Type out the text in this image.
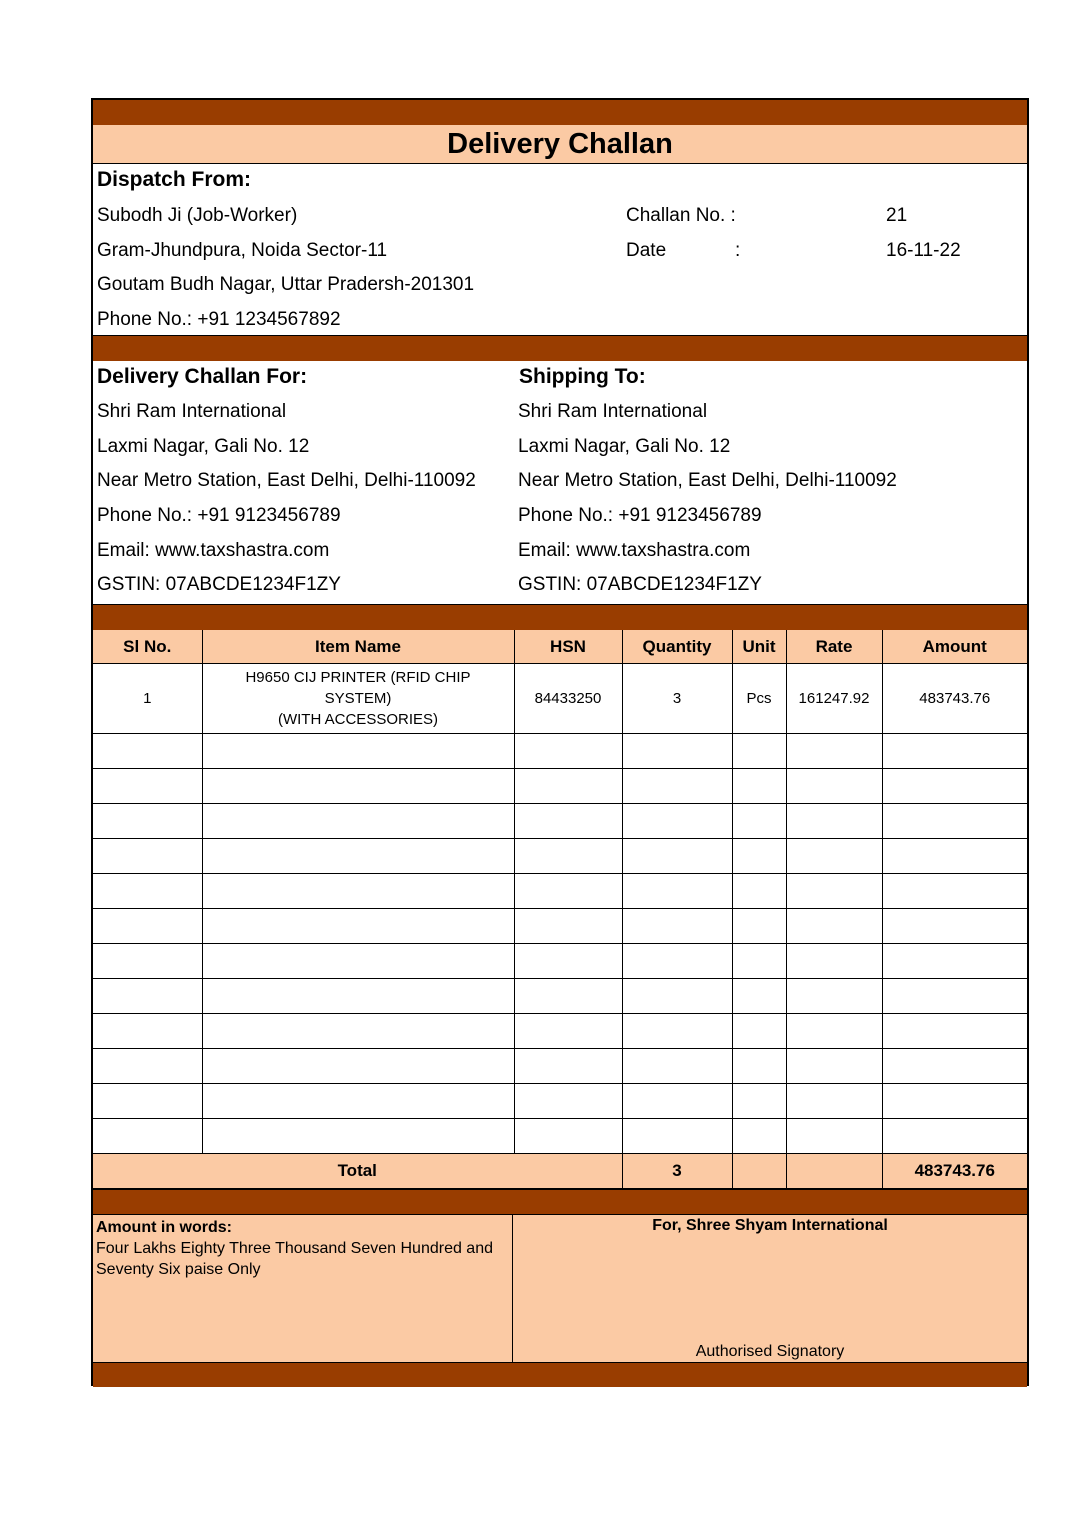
Delivery Challan
Dispatch From:
Subodh Ji (Job-Worker)
Gram-Jhundpura, Noida Sector-11
Goutam Budh Nagar, Uttar Pradersh-201301
Phone No.: +91 1234567892
Challan No. :	21
Date	:	16-11-22
Delivery Challan For:
Shri Ram International
Laxmi Nagar, Gali No. 12
Near Metro Station, East Delhi, Delhi-110092
Phone No.: +91 9123456789
Email: www.taxshastra.com
GSTIN: 07ABCDE1234F1ZY
Shipping To:
Shri Ram International
Laxmi Nagar, Gali No. 12
Near Metro Station, East Delhi, Delhi-110092
Phone No.: +91 9123456789
Email: www.taxshastra.com
GSTIN: 07ABCDE1234F1ZY
Sl No.	Item Name	HSN	Quantity	Unit	Rate	Amount
1	H9650 CIJ PRINTER (RFID CHIP
SYSTEM)
(WITH ACCESSORIES)	84433250	3	Pcs	161247.92	483743.76

Total			3			483743.76
Amount in words:
Four Lakhs Eighty Three Thousand Seven Hundred and Seventy Six paise Only
For, Shree Shyam International
Authorised Signatory
